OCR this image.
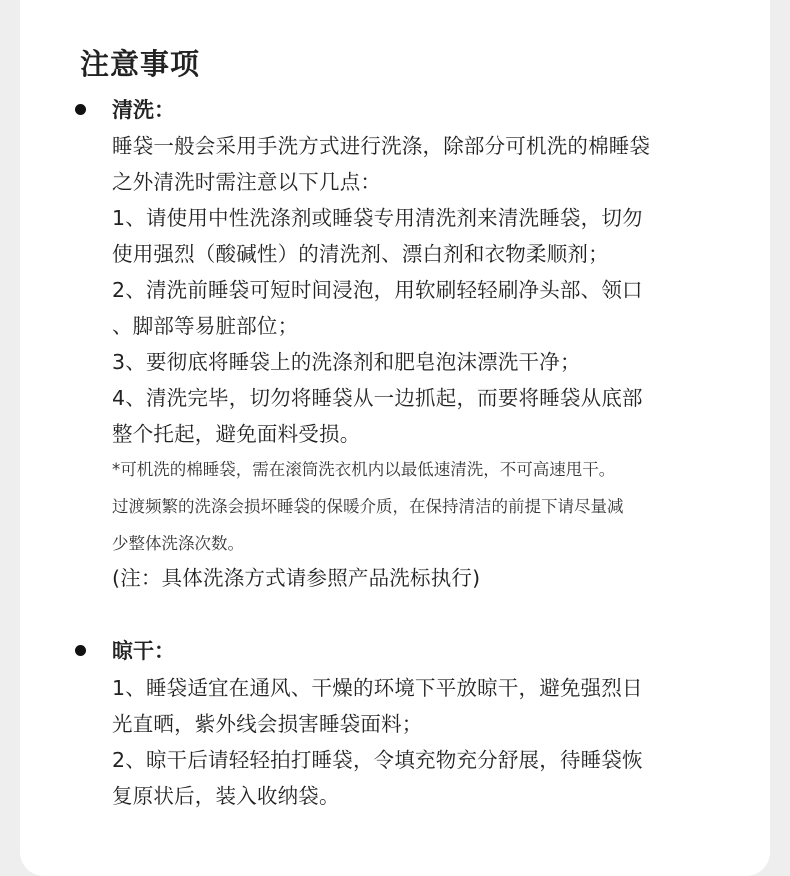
注意事项
清洗：
睡袋一般会采用手洗方式进行洗涤，除部分可机洗的棉睡袋
之外清洗时需注意以下几点：
1、请使用中性洗涤剂或睡袋专用清洗剂来清洗睡袋，切勿
使用强烈（酸碱性）的清洗剂、漂白剂和衣物柔顺剂；
2、清洗前睡袋可短时间浸泡，用软刷轻轻刷净头部、领口
、脚部等易脏部位；
3、要彻底将睡袋上的洗涤剂和肥皂泡沫漂洗干净；
4、清洗完毕，切勿将睡袋从一边抓起，而要将睡袋从底部
整个托起，避免面料受损。
*可机洗的棉睡袋，需在滚筒洗衣机内以最低速清洗，不可高速甩干。
过渡频繁的洗涤会损坏睡袋的保暖介质，在保持清洁的前提下请尽量减
少整体洗涤次数。
(注：具体洗涤方式请参照产品洗标执行)
晾干：
1、睡袋适宜在通风、干燥的环境下平放晾干，避免强烈日
光直晒，紫外线会损害睡袋面料；
2、晾干后请轻轻拍打睡袋，令填充物充分舒展，待睡袋恢
复原状后，装入收纳袋。
